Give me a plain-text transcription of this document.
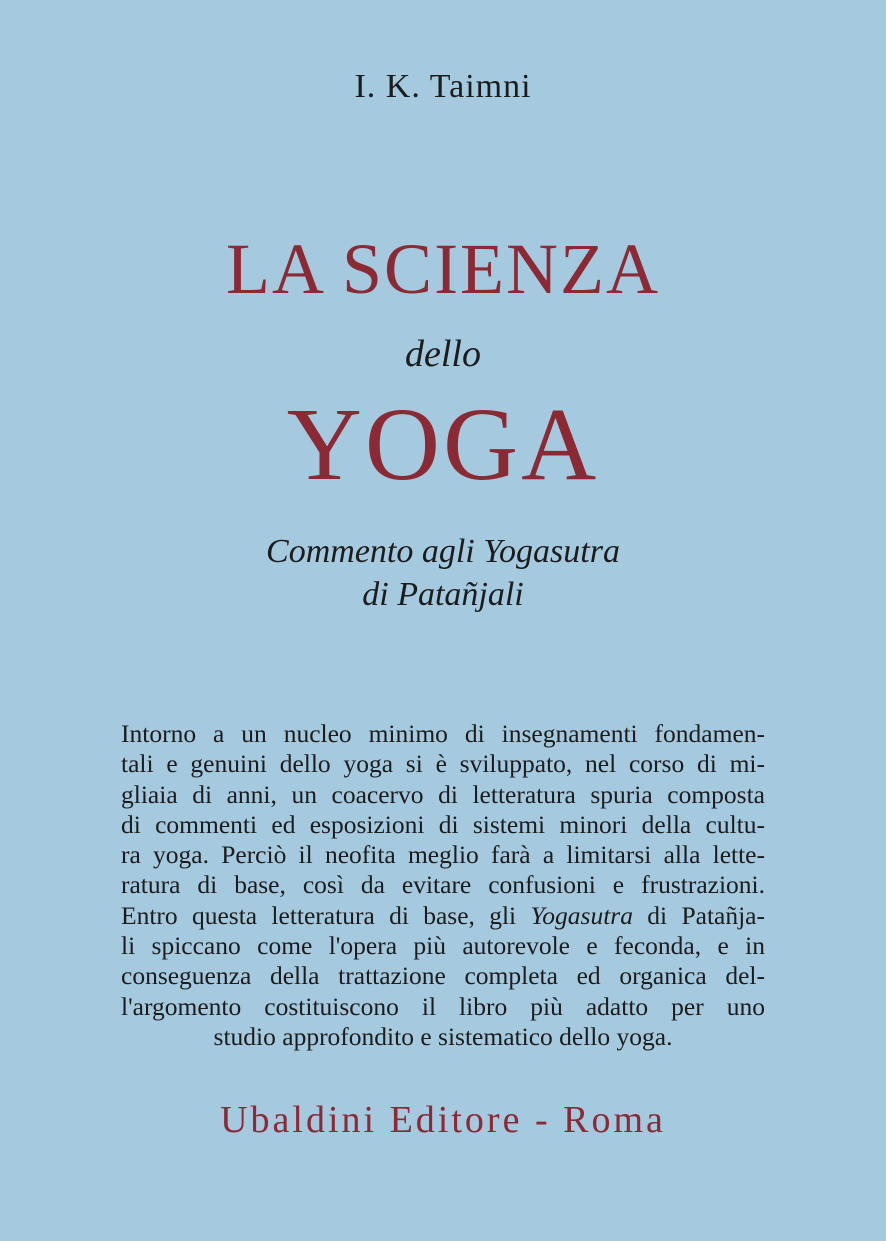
I. K. Taimni
LA SCIENZA
dello
YOGA
Commento agli Yogasutra
di Patañjali
Intorno a un nucleo minimo di insegnamenti fondamen-
tali e genuini dello yoga si è sviluppato, nel corso di mi-
gliaia di anni, un coacervo di letteratura spuria composta
di commenti ed esposizioni di sistemi minori della cultu-
ra yoga. Perciò il neofita meglio farà a limitarsi alla lette-
ratura di base, così da evitare confusioni e frustrazioni.
Entro questa letteratura di base, gli Yogasutra di Patañja-
li spiccano come l'opera più autorevole e feconda, e in
conseguenza della trattazione completa ed organica del-
l'argomento costituiscono il libro più adatto per uno
studio approfondito e sistematico dello yoga.
Ubaldini Editore - Roma
